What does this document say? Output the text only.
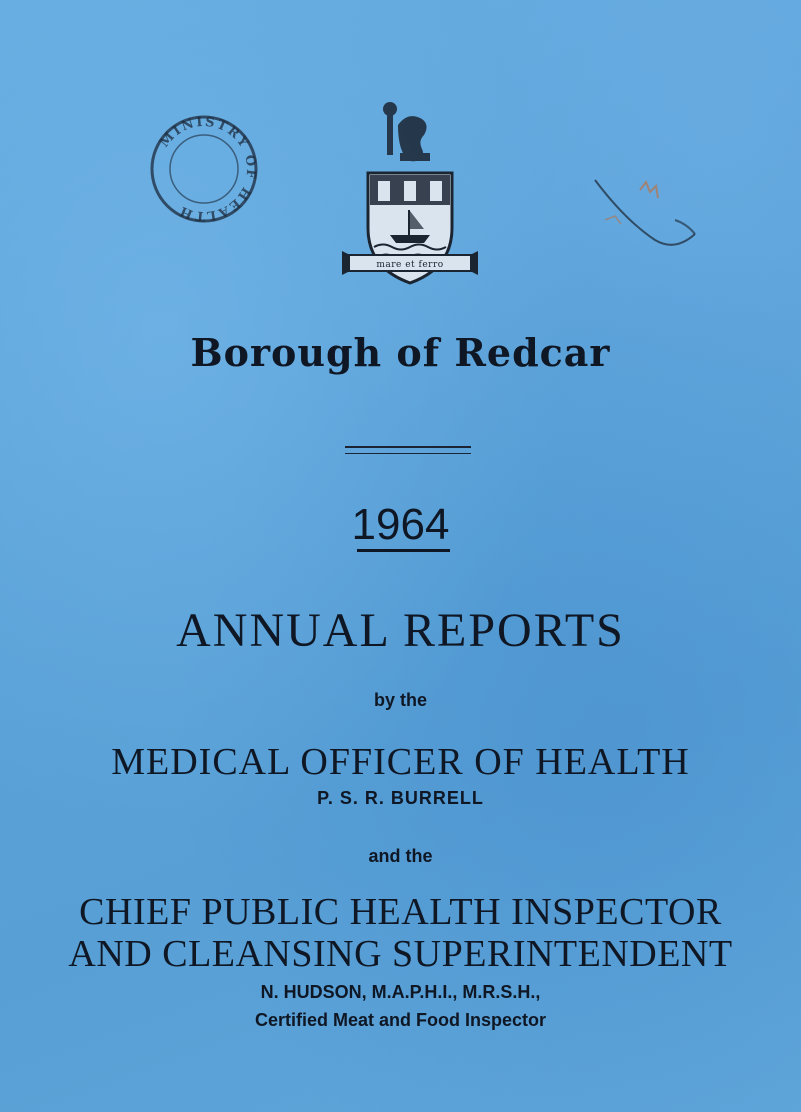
MINISTRY OF HEALTH
mare et ferro
Borough of Redcar
1964
ANNUAL REPORTS
by the
MEDICAL OFFICER OF HEALTH
P. S. R. BURRELL
and the
CHIEF PUBLIC HEALTH INSPECTOR
AND CLEANSING SUPERINTENDENT
N. HUDSON, M.A.P.H.I., M.R.S.H.,
Certified Meat and Food Inspector
